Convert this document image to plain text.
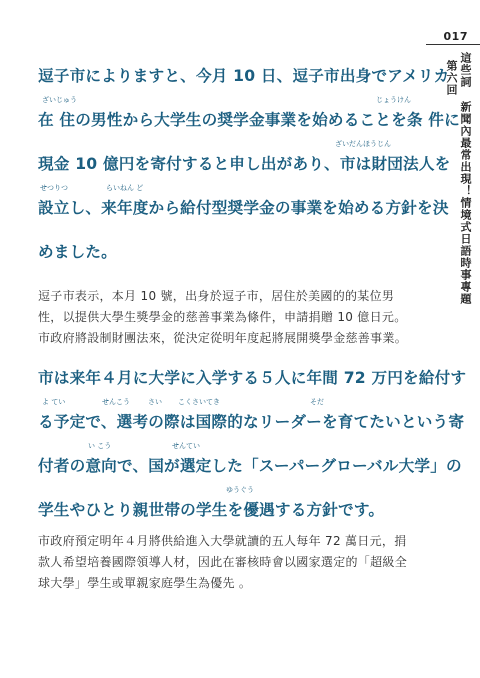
017
這些詞 新聞內最常出現！情境式日語時事專題 第六回
逗子市によりますと、今月 10 日、逗子市出身でアメリカ
ざいじゅう	じょうけん
在 住の男性から大学生の奨学金事業を始めることを条 件に
ざいだんほうじん
現金 10 億円を寄付すると申し出があり、市は財団法人を
せつりつ	らいねん ど
設立し、来年度から給付型奨学金の事業を始める方針を決
めました。

逗子市表示，本月 10 號，出身於逗子市，居住於美國的的某位男性，以提供大學生獎學金的慈善事業為條件，申請捐贈 10 億日元。市政府將設制財團法來，從決定從明年度起將展開獎學金慈善事業。

市は来年４月に大学に入学する５人に年間 72 万円を給付す
よ てい	せんこう	さい こくさいてき	そだ
る予定で、選考の際は国際的なリーダーを育てたいという寄
い こう	せんてい
付者の意向で、国が選定した「スーパーグローバル大学」の
ゆうぐう
学生やひとり親世帯の学生を優遇する方針です。

市政府預定明年４月將供給進入大學就讀的五人每年 72 萬日元，捐款人希望培養國際領導人材，因此在審核時會以國家選定的「超級全球大學」學生或單親家庭學生為優先 。
